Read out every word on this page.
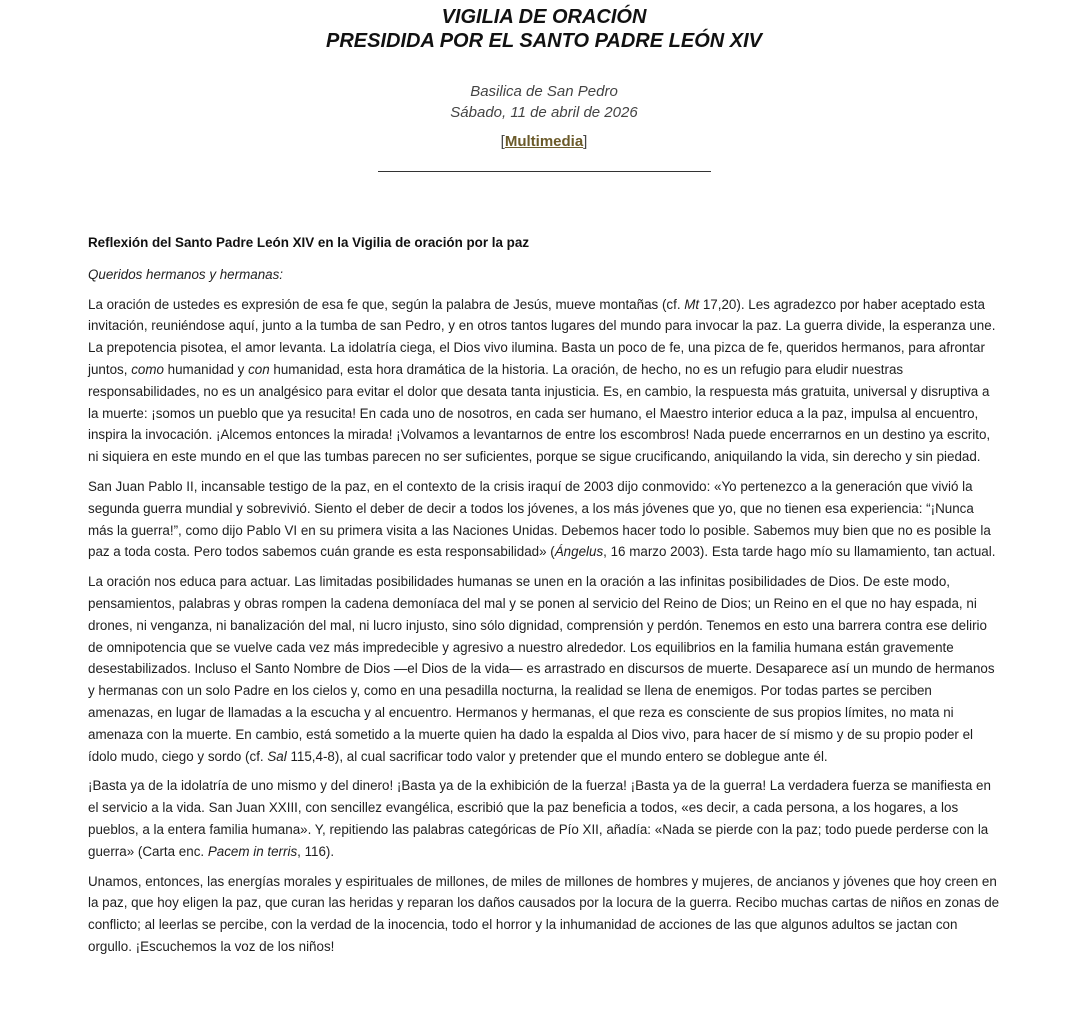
VIGILIA DE ORACIÓN
PRESIDIDA POR EL SANTO PADRE LEÓN XIV
Basilica de San Pedro
Sábado, 11 de abril de 2026
[Multimedia]

Reflexión del Santo Padre León XIV en la Vigilia de oración por la paz

Queridos hermanos y hermanas:

La oración de ustedes es expresión de esa fe que, según la palabra de Jesús, mueve montañas (cf. Mt 17,20). Les agradezco por haber aceptado esta invitación, reuniéndose aquí, junto a la tumba de san Pedro, y en otros tantos lugares del mundo para invocar la paz. La guerra divide, la esperanza une. La prepotencia pisotea, el amor levanta. La idolatría ciega, el Dios vivo ilumina. Basta un poco de fe, una pizca de fe, queridos hermanos, para afrontar juntos, como humanidad y con humanidad, esta hora dramática de la historia. La oración, de hecho, no es un refugio para eludir nuestras responsabilidades, no es un analgésico para evitar el dolor que desata tanta injusticia. Es, en cambio, la respuesta más gratuita, universal y disruptiva a la muerte: ¡somos un pueblo que ya resucita! En cada uno de nosotros, en cada ser humano, el Maestro interior educa a la paz, impulsa al encuentro, inspira la invocación. ¡Alcemos entonces la mirada! ¡Volvamos a levantarnos de entre los escombros! Nada puede encerrarnos en un destino ya escrito, ni siquiera en este mundo en el que las tumbas parecen no ser suficientes, porque se sigue crucificando, aniquilando la vida, sin derecho y sin piedad.

San Juan Pablo II, incansable testigo de la paz, en el contexto de la crisis iraquí de 2003 dijo conmovido: «Yo pertenezco a la generación que vivió la segunda guerra mundial y sobrevivió. Siento el deber de decir a todos los jóvenes, a los más jóvenes que yo, que no tienen esa experiencia: “¡Nunca más la guerra!”, como dijo Pablo VI en su primera visita a las Naciones Unidas. Debemos hacer todo lo posible. Sabemos muy bien que no es posible la paz a toda costa. Pero todos sabemos cuán grande es esta responsabilidad» (Ángelus, 16 marzo 2003). Esta tarde hago mío su llamamiento, tan actual.

La oración nos educa para actuar. Las limitadas posibilidades humanas se unen en la oración a las infinitas posibilidades de Dios. De este modo, pensamientos, palabras y obras rompen la cadena demoníaca del mal y se ponen al servicio del Reino de Dios; un Reino en el que no hay espada, ni drones, ni venganza, ni banalización del mal, ni lucro injusto, sino sólo dignidad, comprensión y perdón. Tenemos en esto una barrera contra ese delirio de omnipotencia que se vuelve cada vez más impredecible y agresivo a nuestro alrededor. Los equilibrios en la familia humana están gravemente desestabilizados. Incluso el Santo Nombre de Dios —el Dios de la vida— es arrastrado en discursos de muerte. Desaparece así un mundo de hermanos y hermanas con un solo Padre en los cielos y, como en una pesadilla nocturna, la realidad se llena de enemigos. Por todas partes se perciben amenazas, en lugar de llamadas a la escucha y al encuentro. Hermanos y hermanas, el que reza es consciente de sus propios límites, no mata ni amenaza con la muerte. En cambio, está sometido a la muerte quien ha dado la espalda al Dios vivo, para hacer de sí mismo y de su propio poder el ídolo mudo, ciego y sordo (cf. Sal 115,4-8), al cual sacrificar todo valor y pretender que el mundo entero se doblegue ante él.

¡Basta ya de la idolatría de uno mismo y del dinero! ¡Basta ya de la exhibición de la fuerza! ¡Basta ya de la guerra! La verdadera fuerza se manifiesta en el servicio a la vida. San Juan XXIII, con sencillez evangélica, escribió que la paz beneficia a todos, «es decir, a cada persona, a los hogares, a los pueblos, a la entera familia humana». Y, repitiendo las palabras categóricas de Pío XII, añadía: «Nada se pierde con la paz; todo puede perderse con la guerra» (Carta enc. Pacem in terris, 116).

Unamos, entonces, las energías morales y espirituales de millones, de miles de millones de hombres y mujeres, de ancianos y jóvenes que hoy creen en la paz, que hoy eligen la paz, que curan las heridas y reparan los daños causados por la locura de la guerra. Recibo muchas cartas de niños en zonas de conflicto; al leerlas se percibe, con la verdad de la inocencia, todo el horror y la inhumanidad de acciones de las que algunos adultos se jactan con orgullo. ¡Escuchemos la voz de los niños!
